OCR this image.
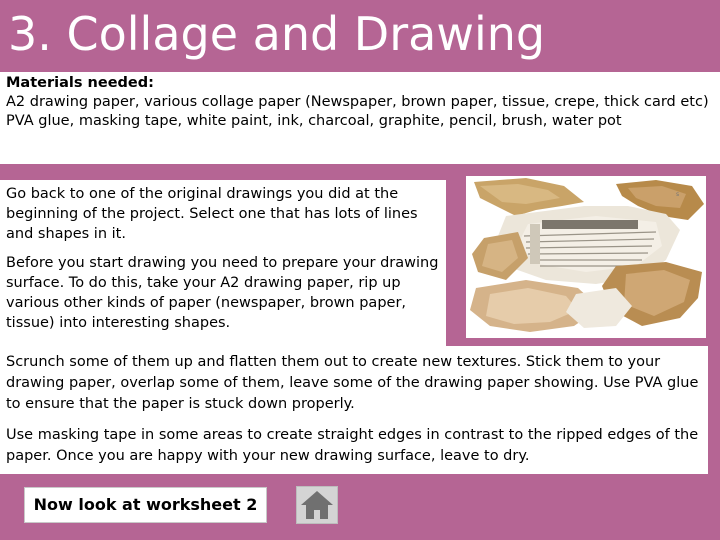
3. Collage and Drawing
Materials needed:
A2 drawing paper, various collage paper (Newspaper, brown paper, tissue, crepe, thick card etc) PVA glue, masking tape, white paint, ink, charcoal, graphite, pencil, brush, water pot

Go back to one of the original drawings you did at the beginning of the project. Select one that has lots of lines and shapes in it.

Before you start drawing you need to prepare your drawing surface. To do this, take your A2 drawing paper, rip up various other kinds of paper (newspaper, brown paper, tissue) into interesting shapes.

s

Scrunch some of them up and flatten them out to create new textures. Stick them to your drawing paper, overlap some of them, leave some of the drawing paper showing. Use PVA glue to ensure that the paper is stuck down properly.

Use masking tape in some areas to create straight edges in contrast to the ripped edges of the paper. Once you are happy with your new drawing surface, leave to dry.

Now look at worksheet 2
